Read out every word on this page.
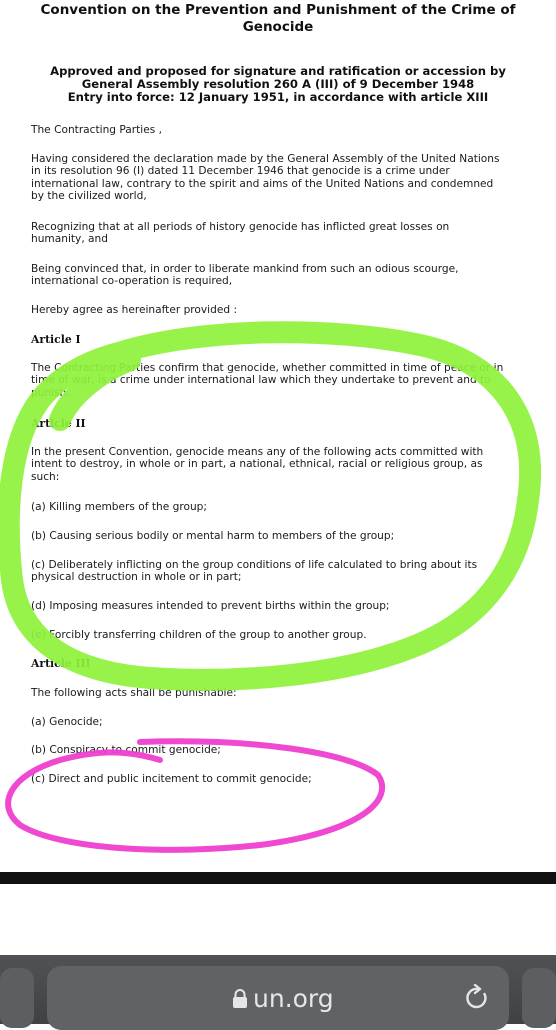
Convention on the Prevention and Punishment of the Crime of
Genocide
Approved and proposed for signature and ratification or accession by
General Assembly resolution 260 A (III) of 9 December 1948
Entry into force: 12 January 1951, in accordance with article XIII

The Contracting Parties ,

Having considered the declaration made by the General Assembly of the United Nations
in its resolution 96 (I) dated 11 December 1946 that genocide is a crime under
international law, contrary to the spirit and aims of the United Nations and condemned
by the civilized world,
Recognizing that at all periods of history genocide has inflicted great losses on
humanity, and
Being convinced that, in order to liberate mankind from such an odious scourge,
international co-operation is required,

Hereby agree as hereinafter provided :

Article I

The Contracting Parties confirm that genocide, whether committed in time of peace or in
time of war, is a crime under international law which they undertake to prevent and to
punish.

Article II

In the present Convention, genocide means any of the following acts committed with
intent to destroy, in whole or in part, a national, ethnical, racial or religious group, as
such:

(a) Killing members of the group;

(b) Causing serious bodily or mental harm to members of the group;

(c) Deliberately inflicting on the group conditions of life calculated to bring about its
physical destruction in whole or in part;

(d) Imposing measures intended to prevent births within the group;

(e) Forcibly transferring children of the group to another group.

Article III

The following acts shall be punishable:

(a) Genocide;

(b) Conspiracy to commit genocide;

(c) Direct and public incitement to commit genocide;

un.org
